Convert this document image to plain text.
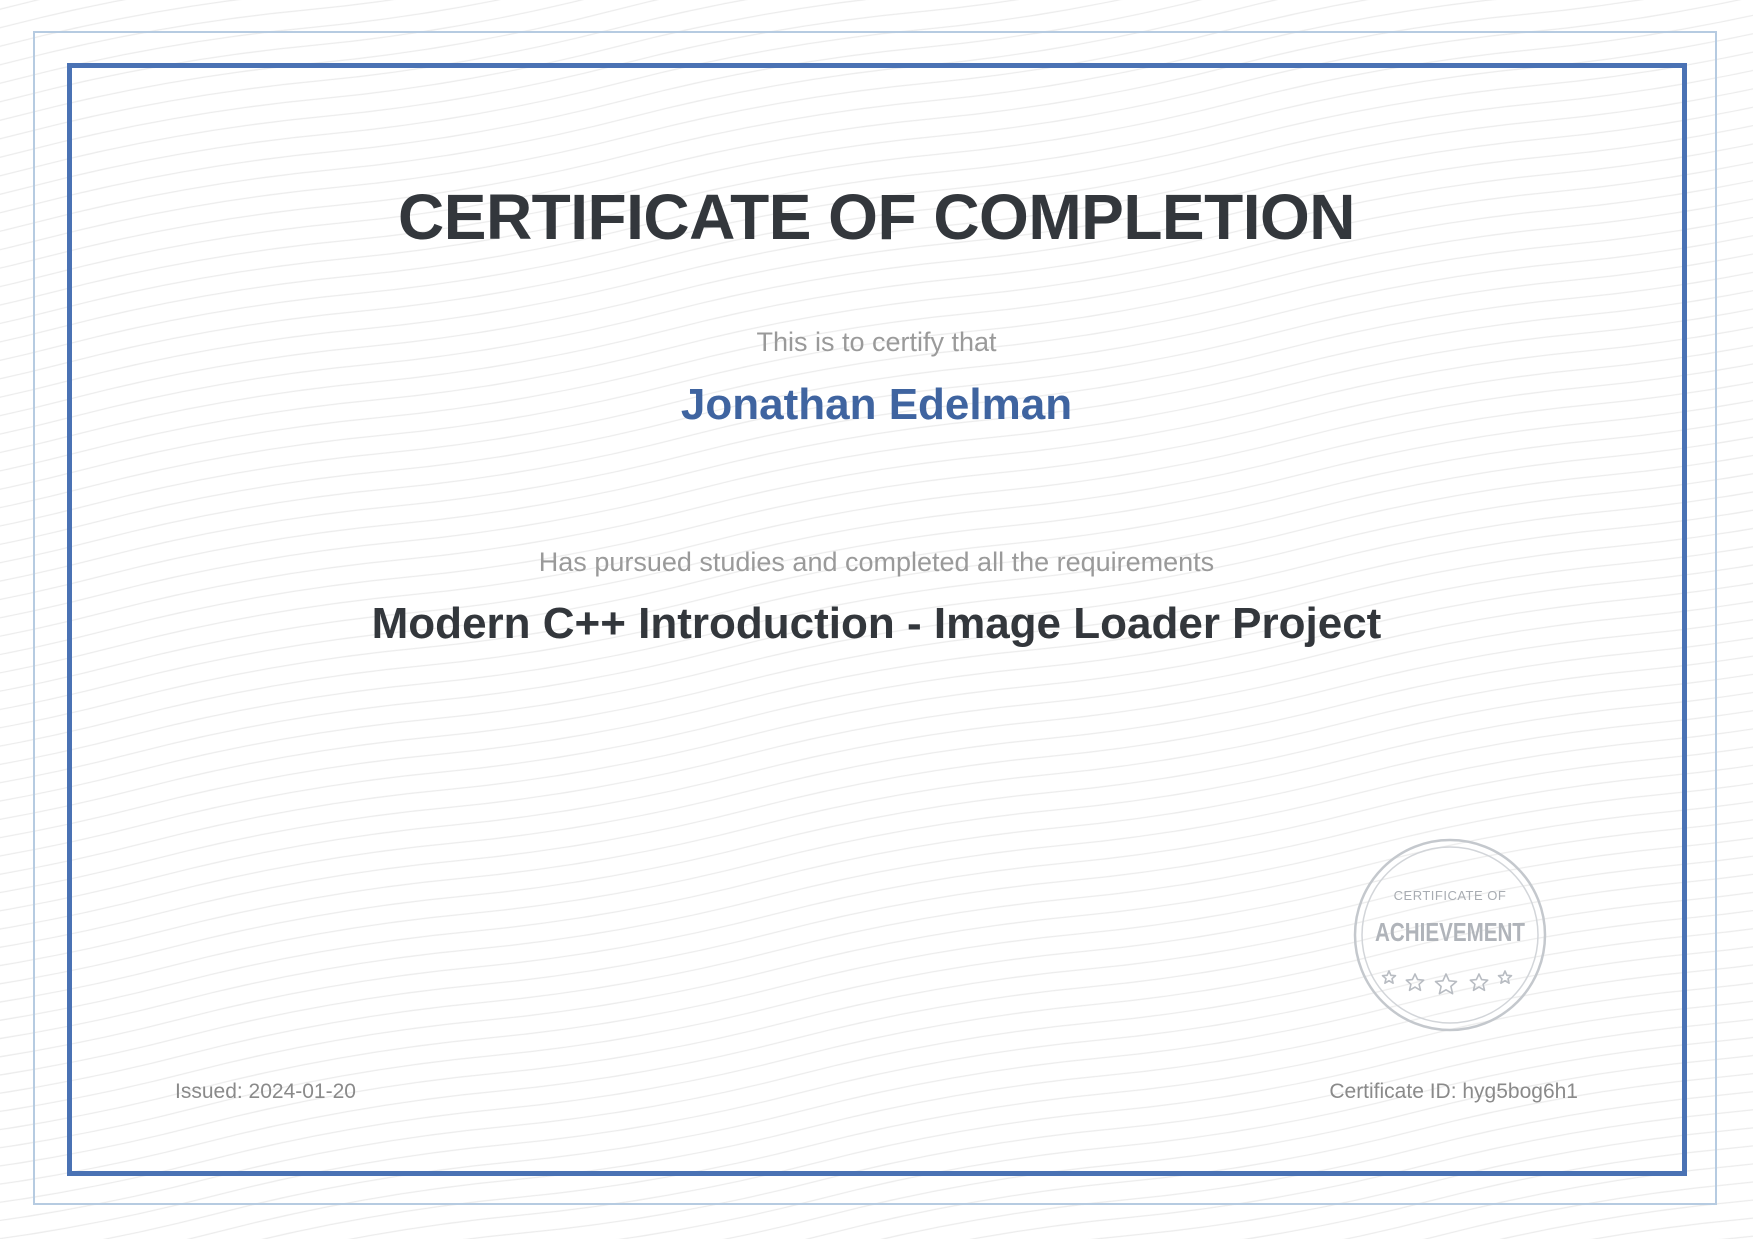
CERTIFICATE OF COMPLETION
This is to certify that
Jonathan Edelman
Has pursued studies and completed all the requirements
Modern C++ Introduction - Image Loader Project
CERTIFICATE OF
ACHIEVEMENT
Issued: 2024-01-20	Certificate ID: hyg5bog6h1
